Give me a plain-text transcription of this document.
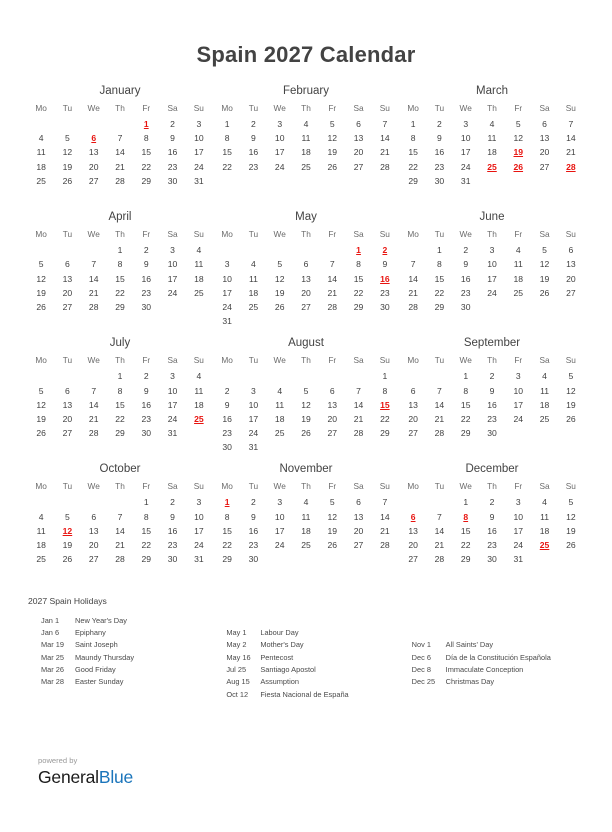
Spain 2027 Calendar
January
Mo	Tu	We	Th	Fr	Sa	Su
				1	2	3
4	5	6	7	8	9	10
11	12	13	14	15	16	17
18	19	20	21	22	23	24
25	26	27	28	29	30	31

February
Mo	Tu	We	Th	Fr	Sa	Su
1	2	3	4	5	6	7
8	9	10	11	12	13	14
15	16	17	18	19	20	21
22	23	24	25	26	27	28

March
Mo	Tu	We	Th	Fr	Sa	Su
1	2	3	4	5	6	7
8	9	10	11	12	13	14
15	16	17	18	19	20	21
22	23	24	25	26	27	28
29	30	31				

April
Mo	Tu	We	Th	Fr	Sa	Su
			1	2	3	4
5	6	7	8	9	10	11
12	13	14	15	16	17	18
19	20	21	22	23	24	25
26	27	28	29	30		

May
Mo	Tu	We	Th	Fr	Sa	Su
					1	2
3	4	5	6	7	8	9
10	11	12	13	14	15	16
17	18	19	20	21	22	23
24	25	26	27	28	29	30
31						
June
Mo	Tu	We	Th	Fr	Sa	Su
	1	2	3	4	5	6
7	8	9	10	11	12	13
14	15	16	17	18	19	20
21	22	23	24	25	26	27
28	29	30				

July
Mo	Tu	We	Th	Fr	Sa	Su
			1	2	3	4
5	6	7	8	9	10	11
12	13	14	15	16	17	18
19	20	21	22	23	24	25
26	27	28	29	30	31	

August
Mo	Tu	We	Th	Fr	Sa	Su
						1
2	3	4	5	6	7	8
9	10	11	12	13	14	15
16	17	18	19	20	21	22
23	24	25	26	27	28	29
30	31					
September
Mo	Tu	We	Th	Fr	Sa	Su
		1	2	3	4	5
6	7	8	9	10	11	12
13	14	15	16	17	18	19
20	21	22	23	24	25	26
27	28	29	30			

October
Mo	Tu	We	Th	Fr	Sa	Su
				1	2	3
4	5	6	7	8	9	10
11	12	13	14	15	16	17
18	19	20	21	22	23	24
25	26	27	28	29	30	31

November
Mo	Tu	We	Th	Fr	Sa	Su
1	2	3	4	5	6	7
8	9	10	11	12	13	14
15	16	17	18	19	20	21
22	23	24	25	26	27	28
29	30					

December
Mo	Tu	We	Th	Fr	Sa	Su
		1	2	3	4	5
6	7	8	9	10	11	12
13	14	15	16	17	18	19
20	21	22	23	24	25	26
27	28	29	30	31		

2027 Spain Holidays
Jan 1	New Year's Day
Jan 6	Epiphany
Mar 19	Saint Joseph
Mar 25	Maundy Thursday
Mar 26	Good Friday
Mar 28	Easter Sunday
May 1	Labour Day
May 2	Mother's Day
May 16	Pentecost
Jul 25	Santiago Apostol
Aug 15	Assumption
Oct 12	Fiesta Nacional de España
Nov 1	All Saints' Day
Dec 6	Día de la Constitución Española
Dec 8	Immaculate Conception
Dec 25	Christmas Day
powered by
GeneralBlue
